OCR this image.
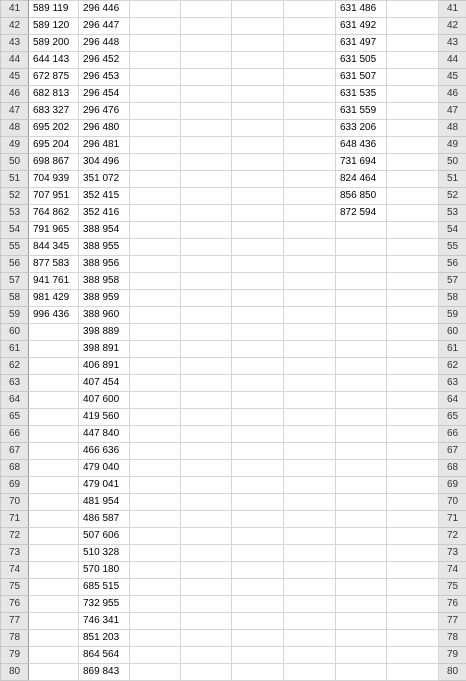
41	589 119	296 446					631 486		41
42	589 120	296 447					631 492		42
43	589 200	296 448					631 497		43
44	644 143	296 452					631 505		44
45	672 875	296 453					631 507		45
46	682 813	296 454					631 535		46
47	683 327	296 476					631 559		47
48	695 202	296 480					633 206		48
49	695 204	296 481					648 436		49
50	698 867	304 496					731 694		50
51	704 939	351 072					824 464		51
52	707 951	352 415					856 850		52
53	764 862	352 416					872 594		53
54	791 965	388 954							54
55	844 345	388 955							55
56	877 583	388 956							56
57	941 761	388 958							57
58	981 429	388 959							58
59	996 436	388 960							59
60		398 889							60
61		398 891							61
62		406 891							62
63		407 454							63
64		407 600							64
65		419 560							65
66		447 840							66
67		466 636							67
68		479 040							68
69		479 041							69
70		481 954							70
71		486 587							71
72		507 606							72
73		510 328							73
74		570 180							74
75		685 515							75
76		732 955							76
77		746 341							77
78		851 203							78
79		864 564							79
80		869 843							80
